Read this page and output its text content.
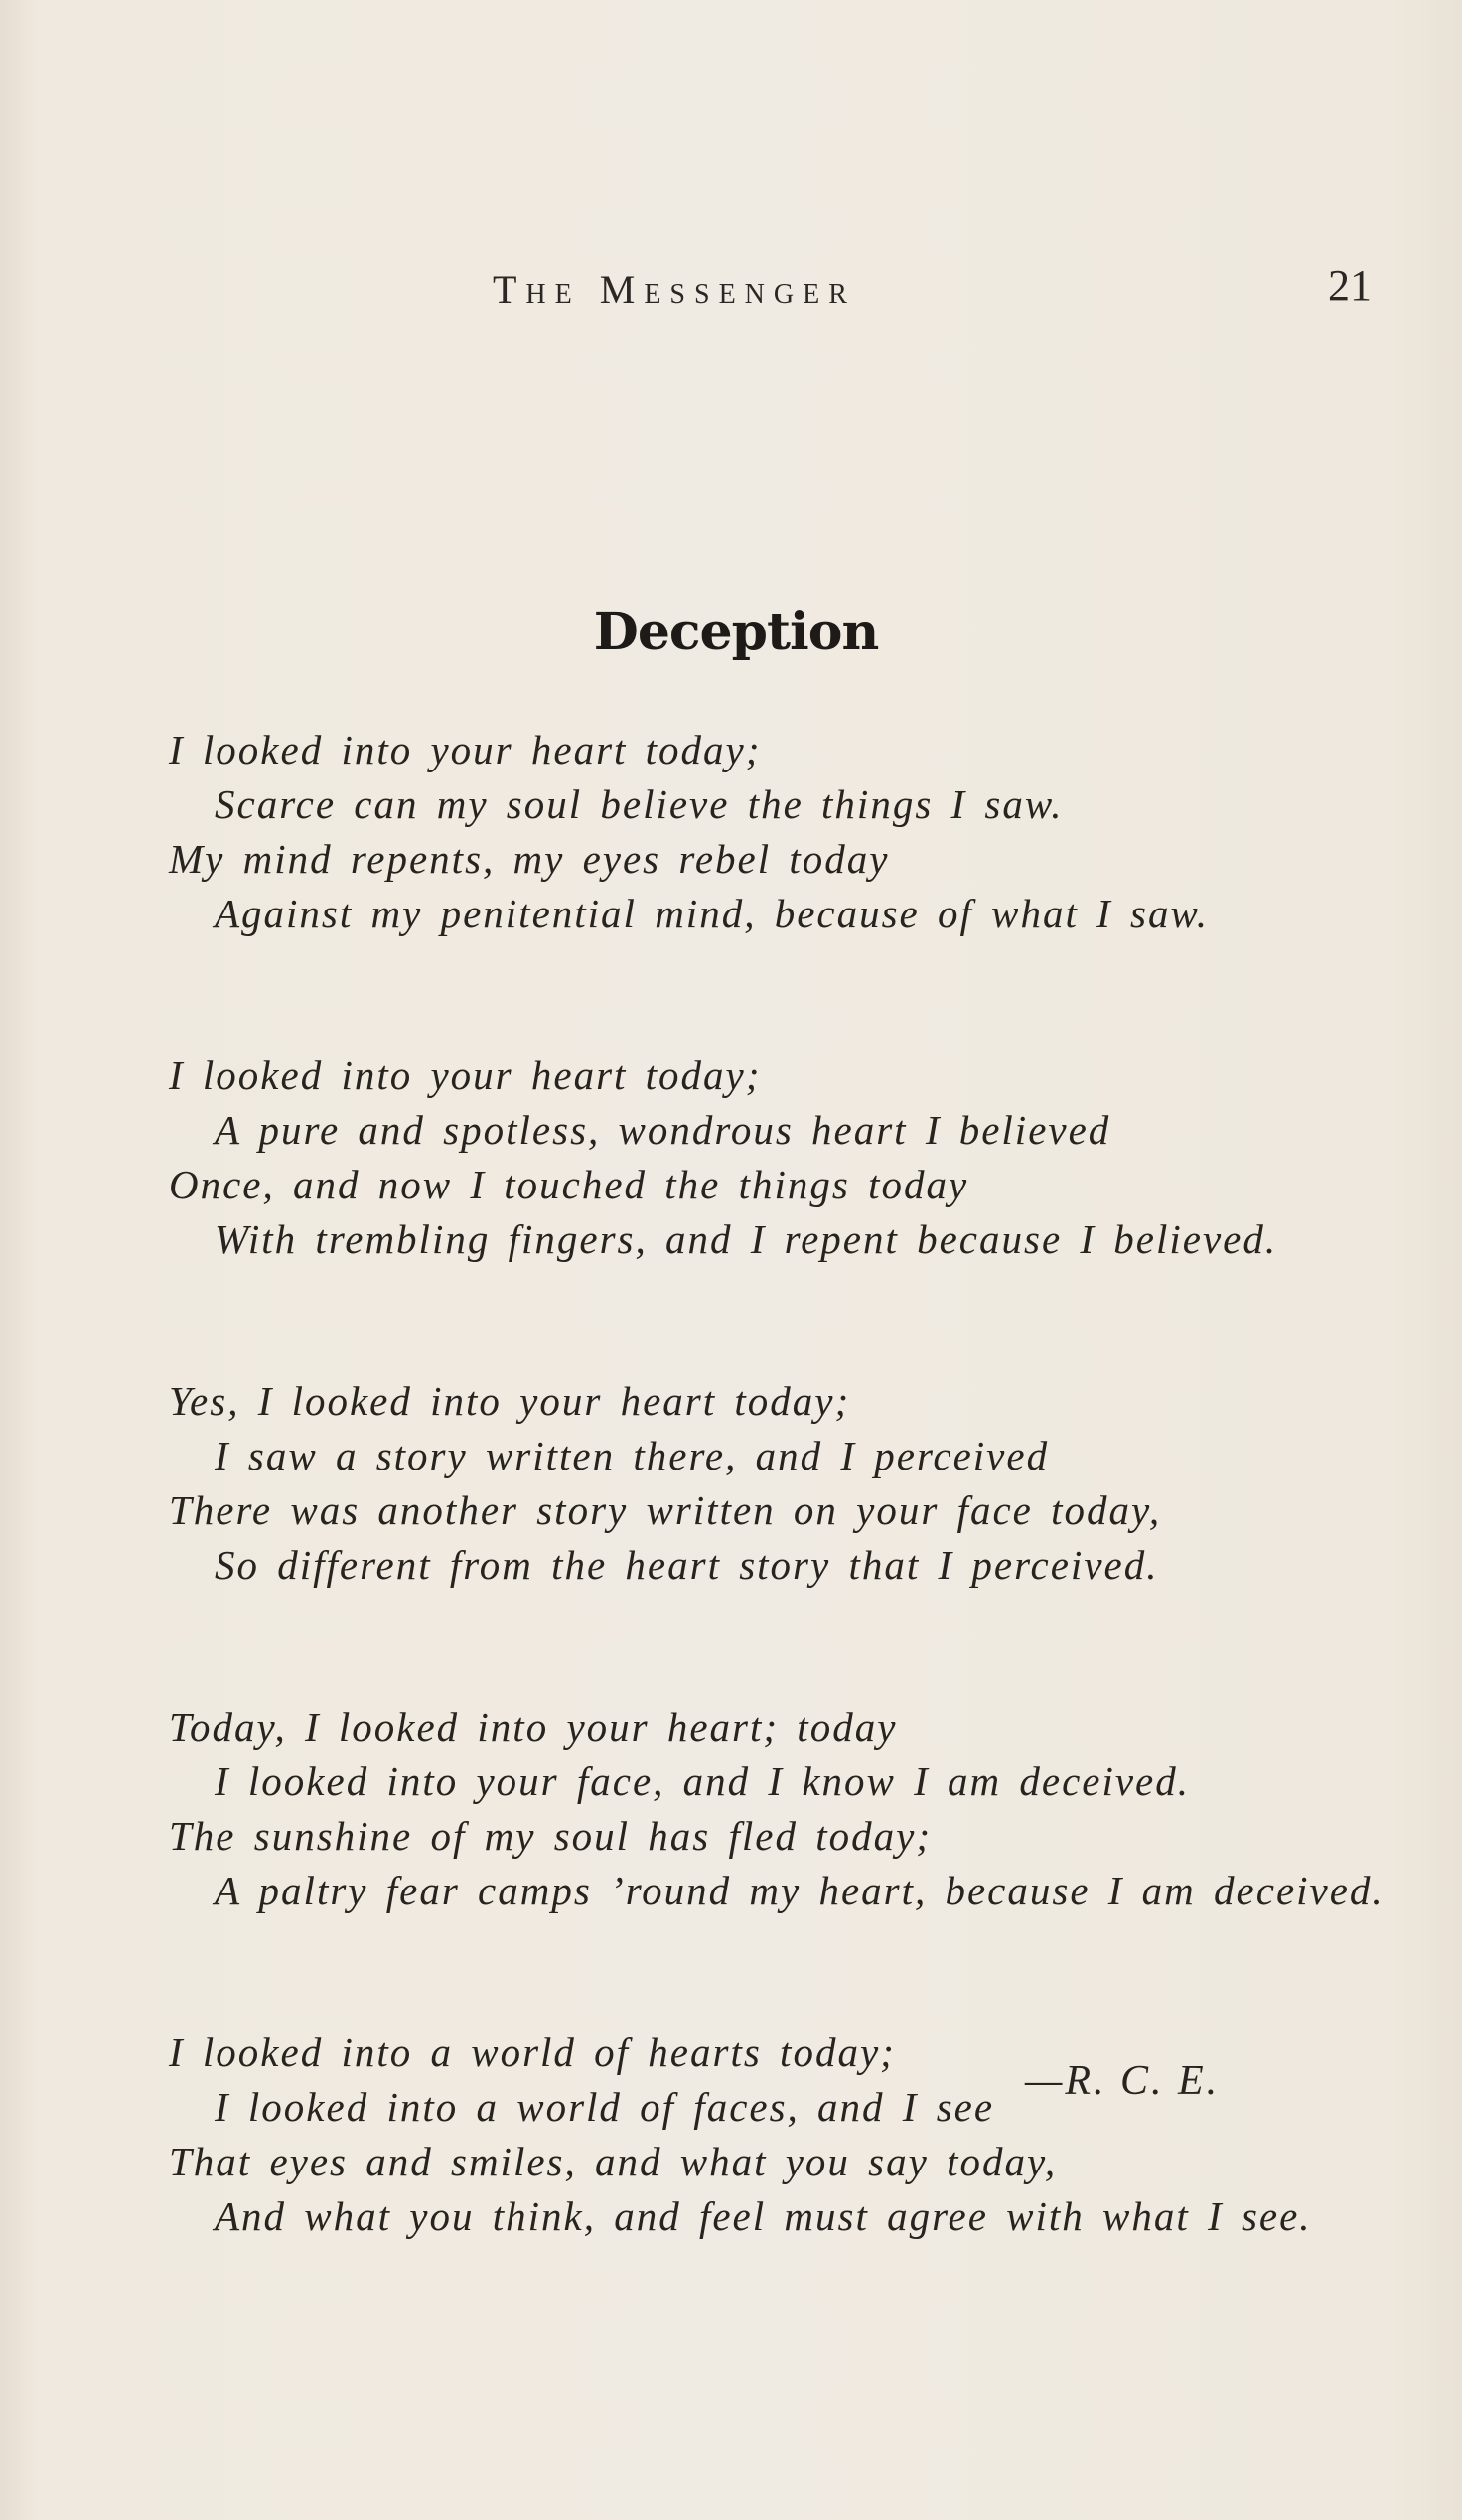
The Messenger	21
Deception
I looked into your heart today;
Scarce can my soul believe the things I saw.
My mind repents, my eyes rebel today
Against my penitential mind, because of what I saw.
I looked into your heart today;
A pure and spotless, wondrous heart I believed
Once, and now I touched the things today
With trembling fingers, and I repent because I believed.
Yes, I looked into your heart today;
I saw a story written there, and I perceived
There was another story written on your face today,
So different from the heart story that I perceived.
Today, I looked into your heart; today
I looked into your face, and I know I am deceived.
The sunshine of my soul has fled today;
A paltry fear camps ’round my heart, because I am deceived.
I looked into a world of hearts today;
I looked into a world of faces, and I see
That eyes and smiles, and what you say today,
And what you think, and feel must agree with what I see.
—R. C. E.
